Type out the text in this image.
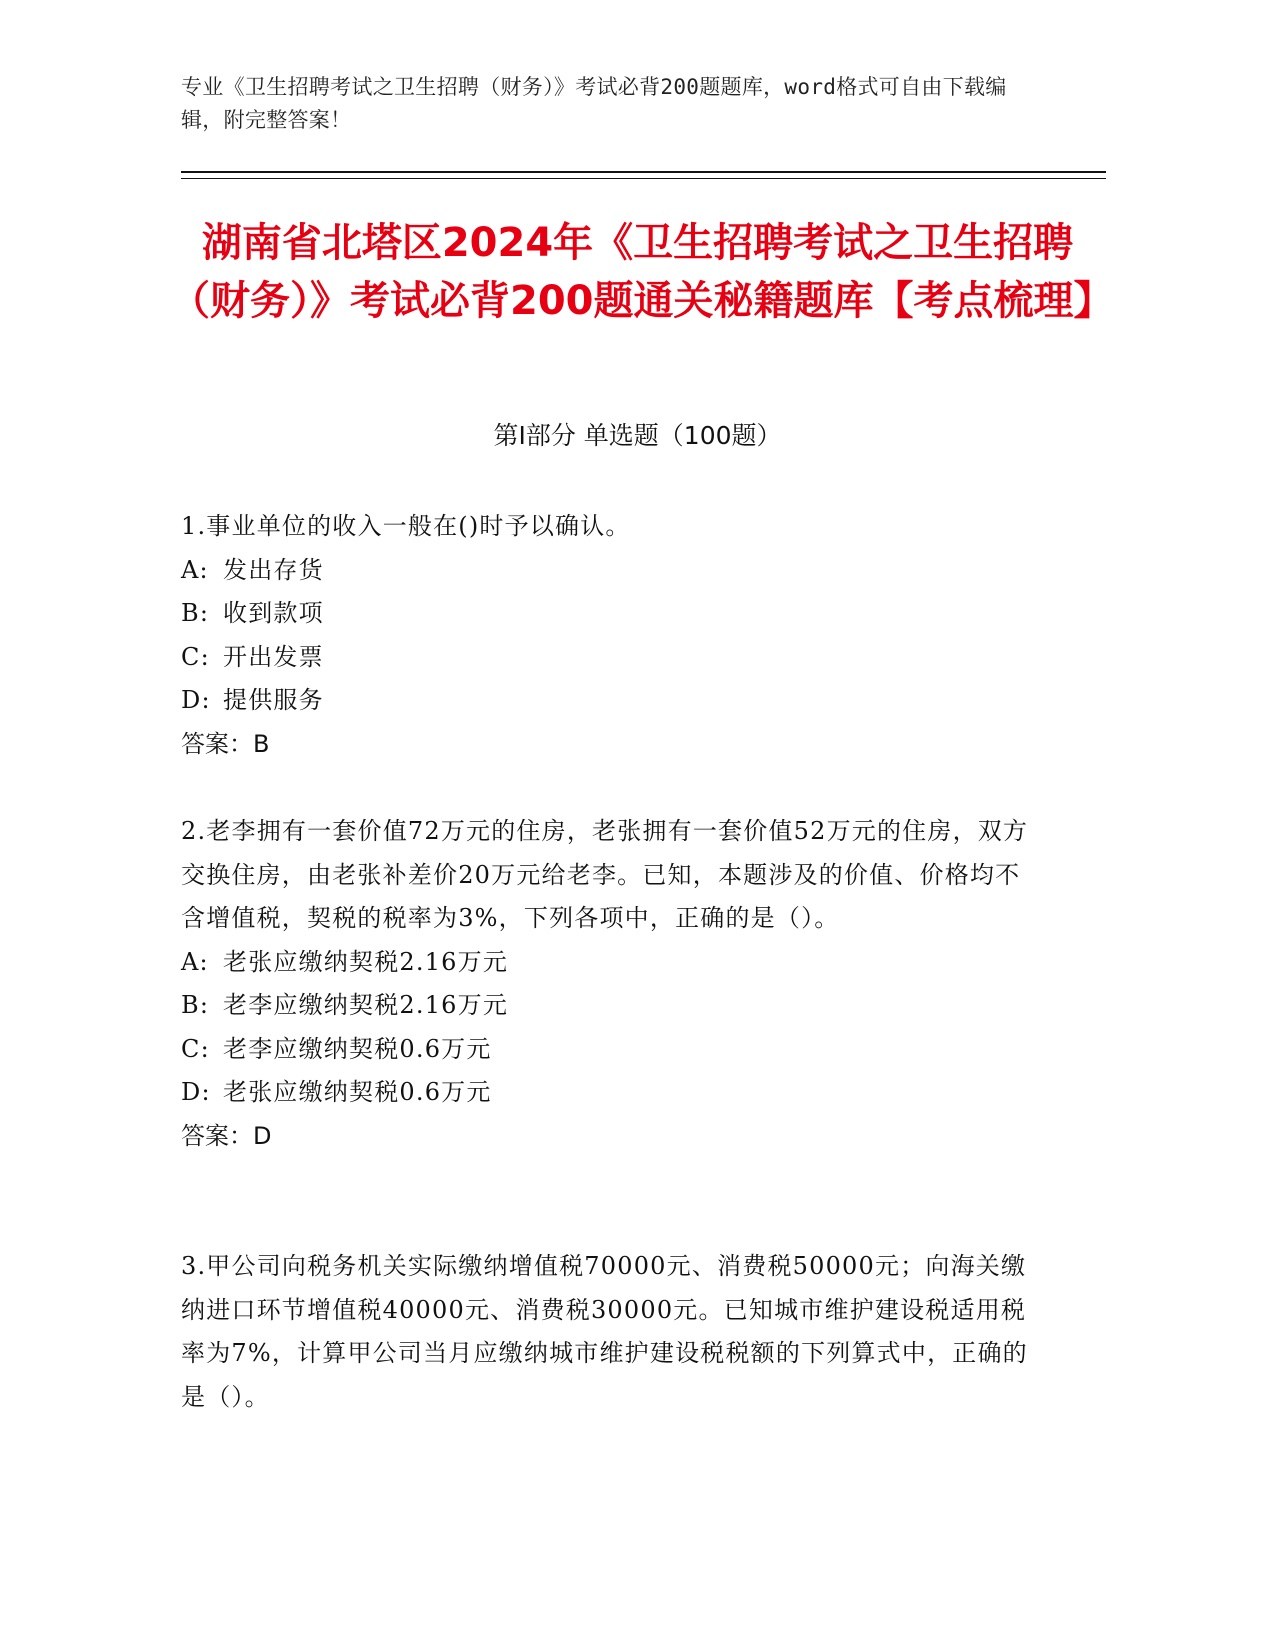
专业《卫生招聘考试之卫生招聘（财务）》考试必背200题题库，word格式可自由下载编辑，附完整答案！
湖南省北塔区2024年《卫生招聘考试之卫生招聘（财务）》考试必背200题通关秘籍题库【考点梳理】
第Ⅰ部分 单选题（100题）

1.事业单位的收入一般在()时予以确认。

A: 发出存货
B: 收到款项
C: 开出发票
D: 提供服务
答案：B

2.老李拥有一套价值72万元的住房，老张拥有一套价值52万元的住房，双方交换住房，由老张补差价20万元给老李。已知，本题涉及的价值、价格均不含增值税，契税的税率为3%，下列各项中，正确的是（）。

A: 老张应缴纳契税2.16万元
B: 老李应缴纳契税2.16万元
C: 老李应缴纳契税0.6万元
D: 老张应缴纳契税0.6万元
答案：D

3.甲公司向税务机关实际缴纳增值税70000元、消费税50000元；向海关缴纳进口环节增值税40000元、消费税30000元。已知城市维护建设税适用税率为7%，计算甲公司当月应缴纳城市维护建设税税额的下列算式中，正确的是（）。
